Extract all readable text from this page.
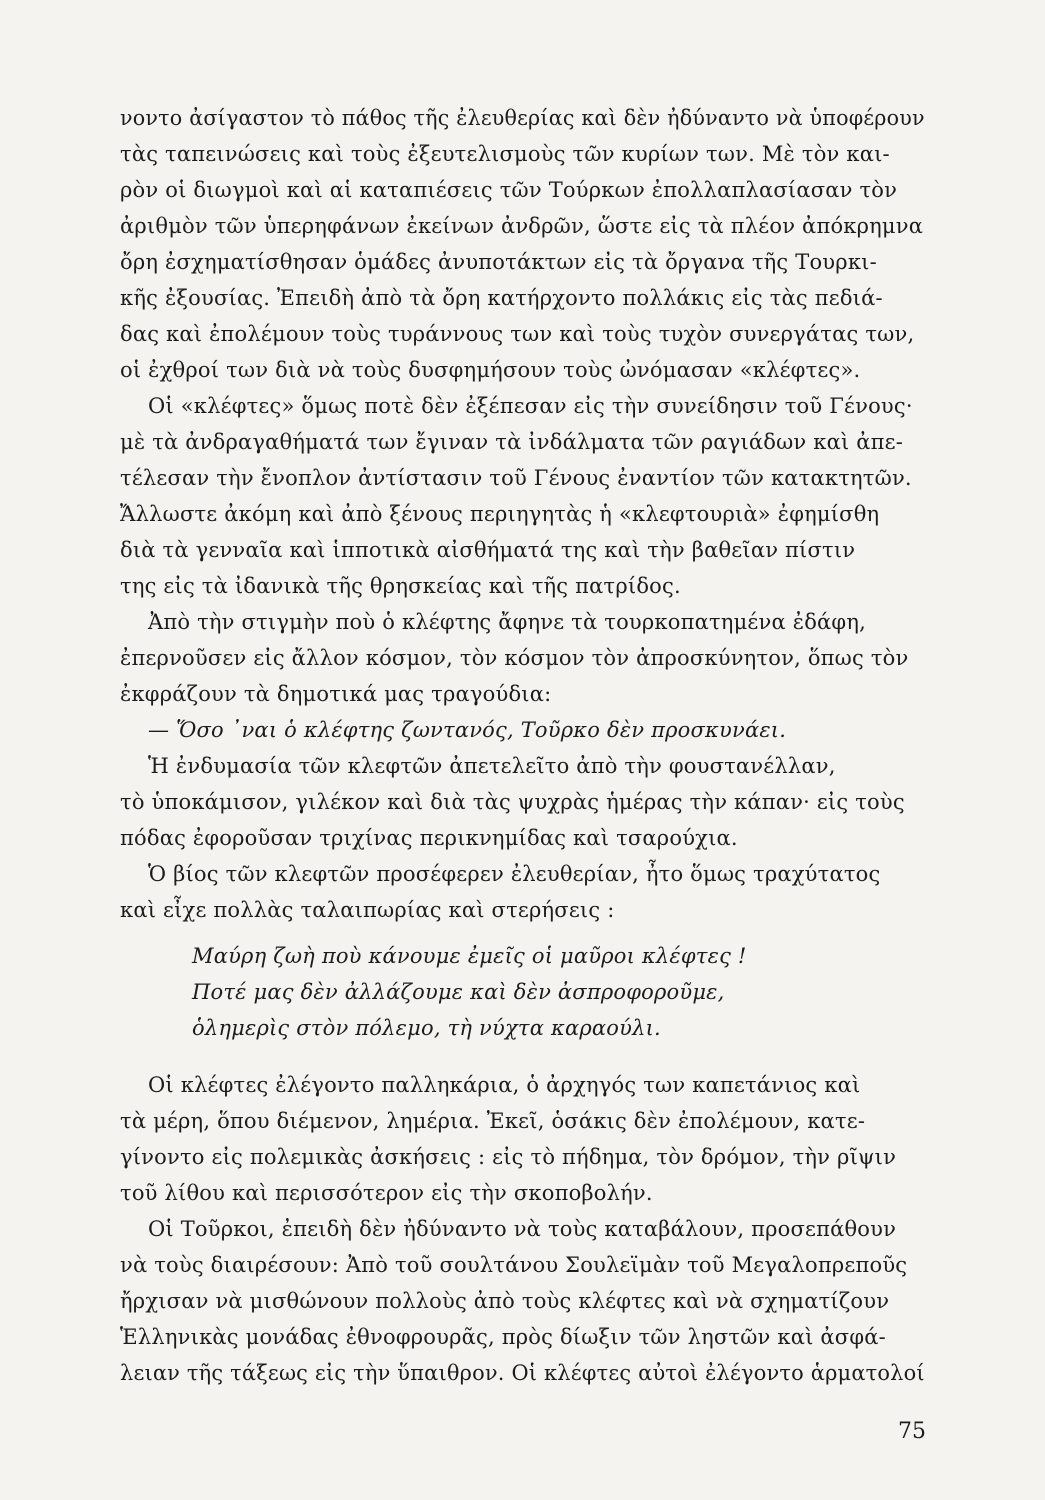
νοντο ἀσίγαστον τὸ πάθος τῆς ἐλευθερίας καὶ δὲν ἠδύναντο νὰ ὑποφέρουν
τὰς ταπεινώσεις καὶ τοὺς ἐξευτελισμοὺς τῶν κυρίων των. Μὲ τὸν και-
ρὸν οἱ διωγμοὶ καὶ αἱ καταπιέσεις τῶν Τούρκων ἐπολλαπλασίασαν τὸν
ἀριθμὸν τῶν ὑπερηφάνων ἐκείνων ἀνδρῶν, ὥστε εἰς τὰ πλέον ἀπόκρημνα
ὄρη ἐσχηματίσθησαν ὁμάδες ἀνυποτάκτων εἰς τὰ ὄργανα τῆς Τουρκι-
κῆς ἐξουσίας. Ἐπειδὴ ἀπὸ τὰ ὄρη κατήρχοντο πολλάκις εἰς τὰς πεδιά-
δας καὶ ἐπολέμουν τοὺς τυράννους των καὶ τοὺς τυχὸν συνεργάτας των,
οἱ ἐχθροί των διὰ νὰ τοὺς δυσφημήσουν τοὺς ὠνόμασαν «κλέφτες».
Οἱ «κλέφτες» ὅμως ποτὲ δὲν ἐξέπεσαν εἰς τὴν συνείδησιν τοῦ Γένους·
μὲ τὰ ἀνδραγαθήματά των ἔγιναν τὰ ἰνδάλματα τῶν ραγιάδων καὶ ἀπε-
τέλεσαν τὴν ἔνοπλον ἀντίστασιν τοῦ Γένους ἐναντίον τῶν κατακτητῶν.
Ἄλλωστε ἀκόμη καὶ ἀπὸ ξένους περιηγητὰς ἡ «κλεφτουριὰ» ἐφημίσθη
διὰ τὰ γενναῖα καὶ ἱπποτικὰ αἰσθήματά της καὶ τὴν βαθεῖαν πίστιν
της εἰς τὰ ἰδανικὰ τῆς θρησκείας καὶ τῆς πατρίδος.
Ἀπὸ τὴν στιγμὴν ποὺ ὁ κλέφτης ἄφηνε τὰ τουρκοπατημένα ἐδάφη,
ἐπερνοῦσεν εἰς ἄλλον κόσμον, τὸν κόσμον τὸν ἀπροσκύνητον, ὅπως τὸν
ἐκφράζουν τὰ δημοτικά μας τραγούδια:
— Ὅσο ᾽ναι ὁ κλέφτης ζωντανός, Τοῦρκο δὲν προσκυνάει.
Ἡ ἐνδυμασία τῶν κλεφτῶν ἀπετελεῖτο ἀπὸ τὴν φουστανέλλαν,
τὸ ὑποκάμισον, γιλέκον καὶ διὰ τὰς ψυχρὰς ἡμέρας τὴν κάπαν· εἰς τοὺς
πόδας ἐφοροῦσαν τριχίνας περικνημίδας καὶ τσαρούχια.
Ὁ βίος τῶν κλεφτῶν προσέφερεν ἐλευθερίαν, ἦτο ὅμως τραχύτατος
καὶ εἶχε πολλὰς ταλαιπωρίας καὶ στερήσεις :
Μαύρη ζωὴ ποὺ κάνουμε ἐμεῖς οἱ μαῦροι κλέφτες !
Ποτέ μας δὲν ἀλλάζουμε καὶ δὲν ἀσπροφοροῦμε,
ὁλημερὶς στὸν πόλεμο, τὴ νύχτα καραούλι.
Οἱ κλέφτες ἐλέγοντο παλληκάρια, ὁ ἀρχηγός των καπετάνιος καὶ
τὰ μέρη, ὅπου διέμενον, λημέρια. Ἐκεῖ, ὁσάκις δὲν ἐπολέμουν, κατε-
γίνοντο εἰς πολεμικὰς ἀσκήσεις : εἰς τὸ πήδημα, τὸν δρόμον, τὴν ρῖψιν
τοῦ λίθου καὶ περισσότερον εἰς τὴν σκοποβολήν.
Οἱ Τοῦρκοι, ἐπειδὴ δὲν ἠδύναντο νὰ τοὺς καταβάλουν, προσεπάθουν
νὰ τοὺς διαιρέσουν: Ἀπὸ τοῦ σουλτάνου Σουλεϊμὰν τοῦ Μεγαλοπρεποῦς
ἤρχισαν νὰ μισθώνουν πολλοὺς ἀπὸ τοὺς κλέφτες καὶ νὰ σχηματίζουν
Ἑλληνικὰς μονάδας ἐθνοφρουρᾶς, πρὸς δίωξιν τῶν ληστῶν καὶ ἀσφά-
λειαν τῆς τάξεως εἰς τὴν ὕπαιθρον. Οἱ κλέφτες αὐτοὶ ἐλέγοντο ἁρματολοί
75
